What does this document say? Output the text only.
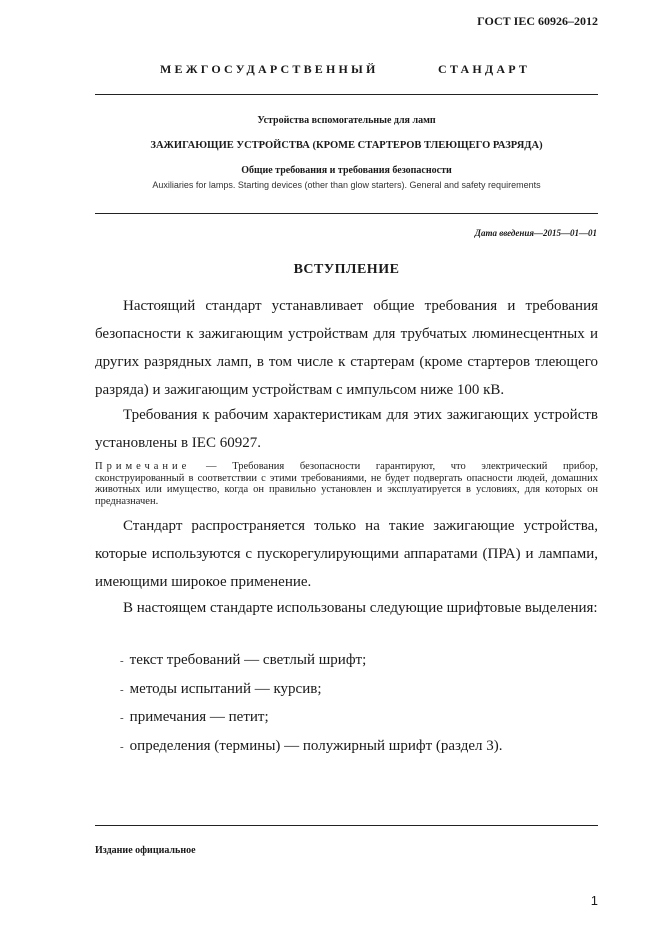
ГОСТ IEC 60926–2012
МЕЖГОСУДАРСТВЕННЫЙ	СТАНДАРТ
Устройства вспомогательные для ламп
ЗАЖИГАЮЩИЕ УСТРОЙСТВА (КРОМЕ СТАРТЕРОВ ТЛЕЮЩЕГО РАЗРЯДА)
Общие требования и требования безопасности
Auxiliaries for lamps. Starting devices (other than glow starters). General and safety requirements
Дата введения—2015—01—01
ВСТУПЛЕНИЕ
Настоящий стандарт устанавливает общие требования и требования безопасности к зажигающим устройствам для трубчатых люминесцентных и других разрядных ламп, в том числе к стартерам (кроме стартеров тлеющего разряда) и зажигающим устройствам с импульсом ниже 100 кВ.
Требования к рабочим характеристикам для этих зажигающих устройств установлены в IEC 60927.
Примечание — Требования безопасности гарантируют, что электрический прибор, сконструированный в соответствии с этими требованиями, не будет подвергать опасности людей, домашних животных или имущество, когда он правильно установлен и эксплуатируется в условиях, для которых он предназначен.
Стандарт распространяется только на такие зажигающие устройства, которые используются с пускорегулирующими аппаратами (ПРА) и лампами, имеющими широкое применение.
В настоящем стандарте использованы следующие шрифтовые выделения:
- текст требований — светлый шрифт;
- методы испытаний — курсив;
- примечания — петит;
- определения (термины) — полужирный шрифт (раздел 3).
Издание официальное
1
